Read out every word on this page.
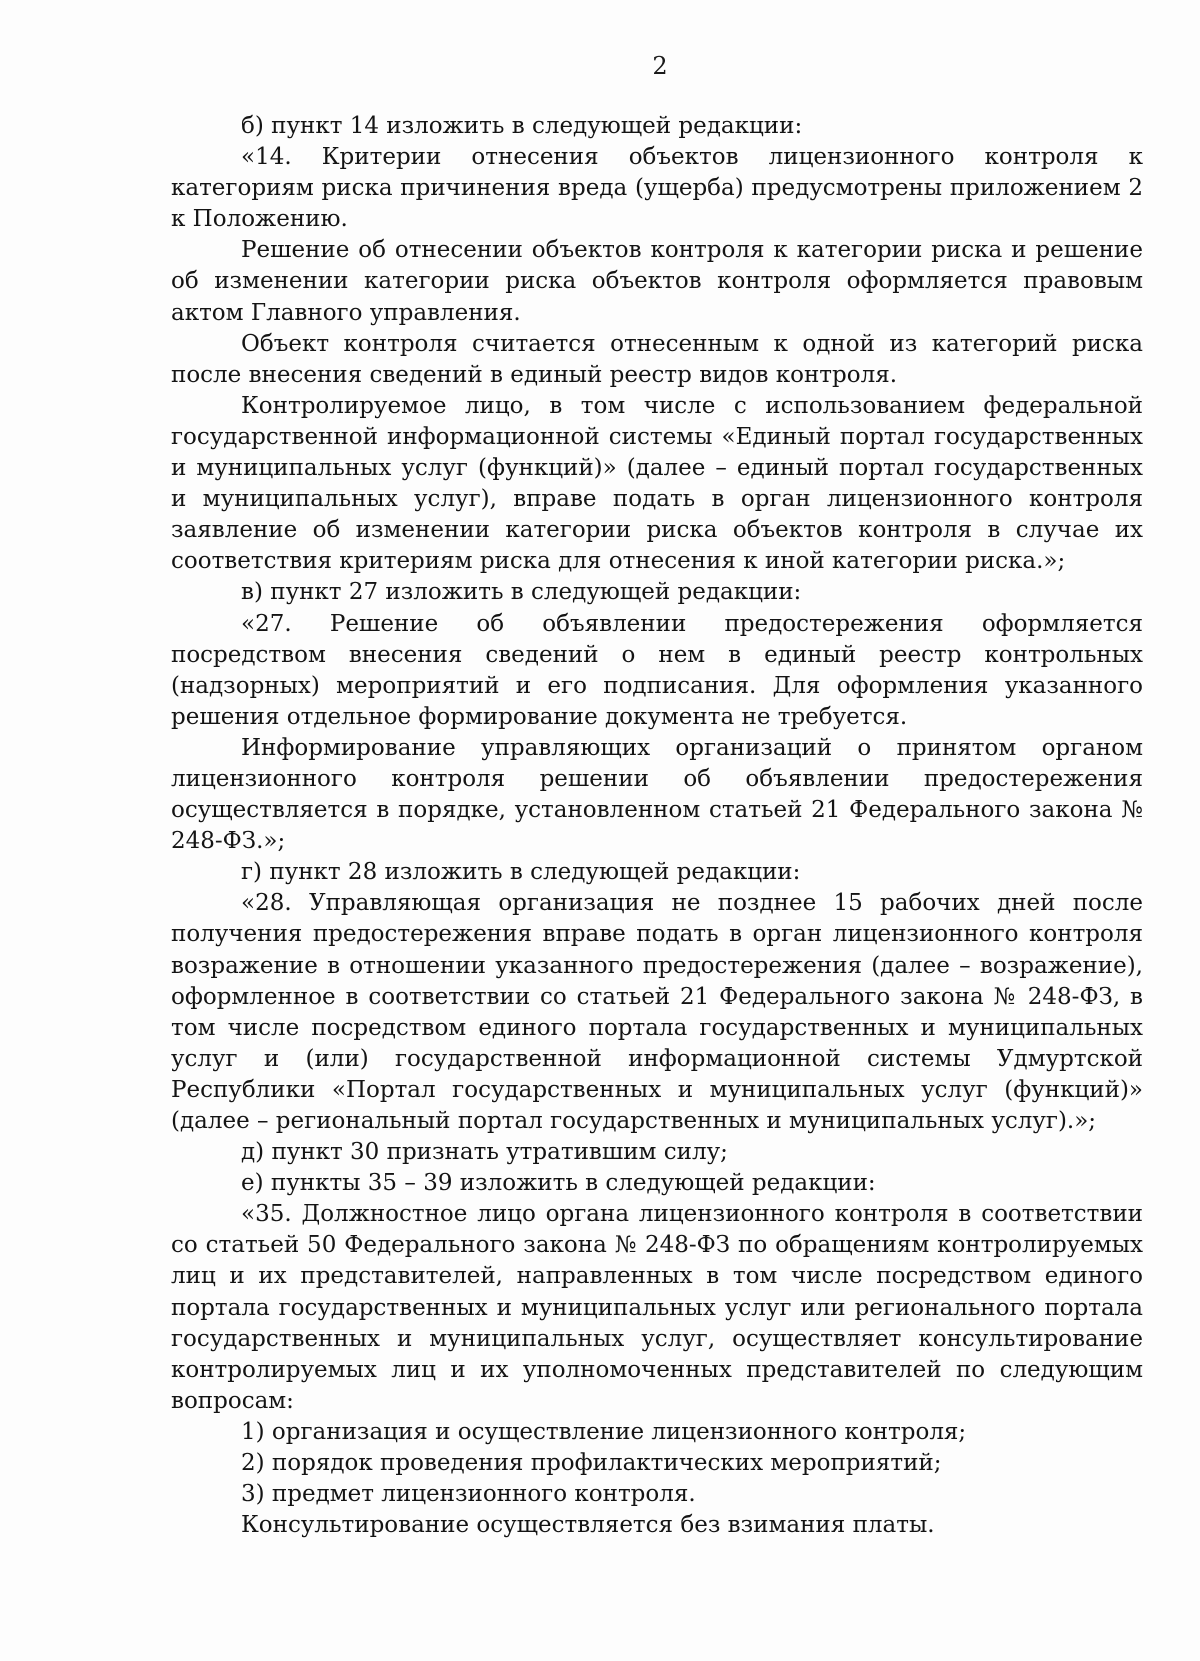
2

б) пункт 14 изложить в следующей редакции:

«14. Критерии отнесения объектов лицензионного контроля к категориям риска причинения вреда (ущерба) предусмотрены приложением 2 к Положению.

Решение об отнесении объектов контроля к категории риска и решение об изменении категории риска объектов контроля оформляется правовым актом Главного управления.

Объект контроля считается отнесенным к одной из категорий риска после внесения сведений в единый реестр видов контроля.

Контролируемое лицо, в том числе с использованием федеральной государственной информационной системы «Единый портал государственных и муниципальных услуг (функций)» (далее – единый портал государственных и муниципальных услуг), вправе подать в орган лицензионного контроля заявление об изменении категории риска объектов контроля в случае их соответствия критериям риска для отнесения к иной категории риска.»;

в) пункт 27 изложить в следующей редакции:

«27. Решение об объявлении предостережения оформляется посредством внесения сведений о нем в единый реестр контрольных (надзорных) мероприятий и его подписания. Для оформления указанного решения отдельное формирование документа не требуется.

Информирование управляющих организаций о принятом органом лицензионного контроля решении об объявлении предостережения осуществляется в порядке, установленном статьей 21 Федерального закона № 248-ФЗ.»;

г) пункт 28 изложить в следующей редакции:

«28. Управляющая организация не позднее 15 рабочих дней после получения предостережения вправе подать в орган лицензионного контроля возражение в отношении указанного предостережения (далее – возражение), оформленное в соответствии со статьей 21 Федерального закона № 248-ФЗ, в том числе посредством единого портала государственных и муниципальных услуг и (или) государственной информационной системы Удмуртской Республики «Портал государственных и муниципальных услуг (функций)» (далее – региональный портал государственных и муниципальных услуг).»;

д) пункт 30 признать утратившим силу;

е) пункты 35 – 39 изложить в следующей редакции:

«35. Должностное лицо органа лицензионного контроля в соответствии со статьей 50 Федерального закона № 248-ФЗ по обращениям контролируемых лиц и их представителей, направленных в том числе посредством единого портала государственных и муниципальных услуг или регионального портала государственных и муниципальных услуг, осуществляет консультирование контролируемых лиц и их уполномоченных представителей по следующим вопросам:

1) организация и осуществление лицензионного контроля;

2) порядок проведения профилактических мероприятий;

3) предмет лицензионного контроля.

Консультирование осуществляется без взимания платы.
